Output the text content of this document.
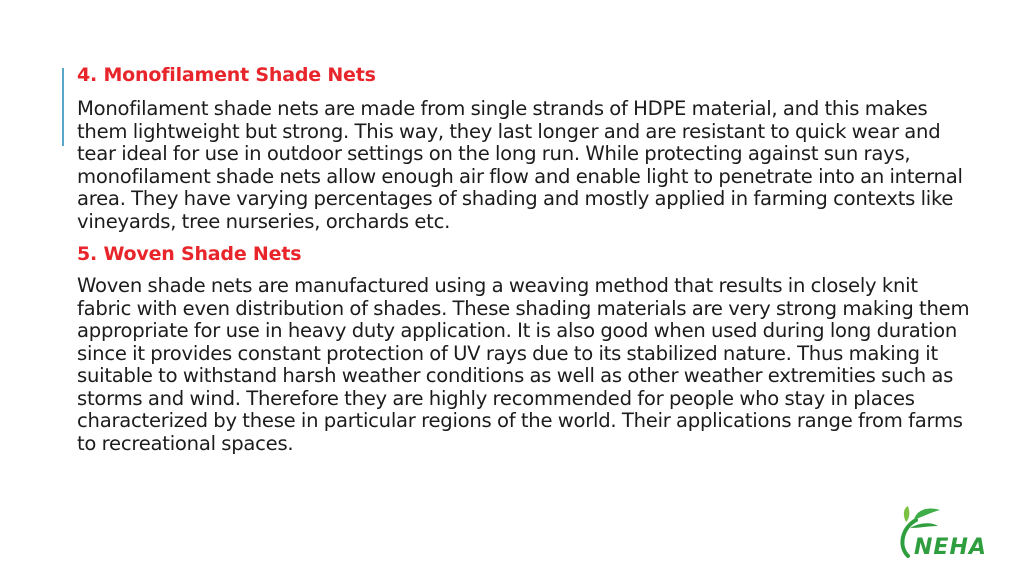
4. Monofilament Shade Nets

Monofilament shade nets are made from single strands of HDPE material, and this makes them lightweight but strong. This way, they last longer and are resistant to quick wear and tear ideal for use in outdoor settings on the long run. While protecting against sun rays, monofilament shade nets allow enough air flow and enable light to penetrate into an internal area. They have varying percentages of shading and mostly applied in farming contexts like vineyards, tree nurseries, orchards etc.

5. Woven Shade Nets

Woven shade nets are manufactured using a weaving method that results in closely knit fabric with even distribution of shades. These shading materials are very strong making them appropriate for use in heavy duty application. It is also good when used during long duration since it provides constant protection of UV rays due to its stabilized nature. Thus making it suitable to withstand harsh weather conditions as well as other weather extremities such as storms and wind. Therefore they are highly recommended for people who stay in places characterized by these in particular regions of the world. Their applications range from farms to recreational spaces.

NEHA
